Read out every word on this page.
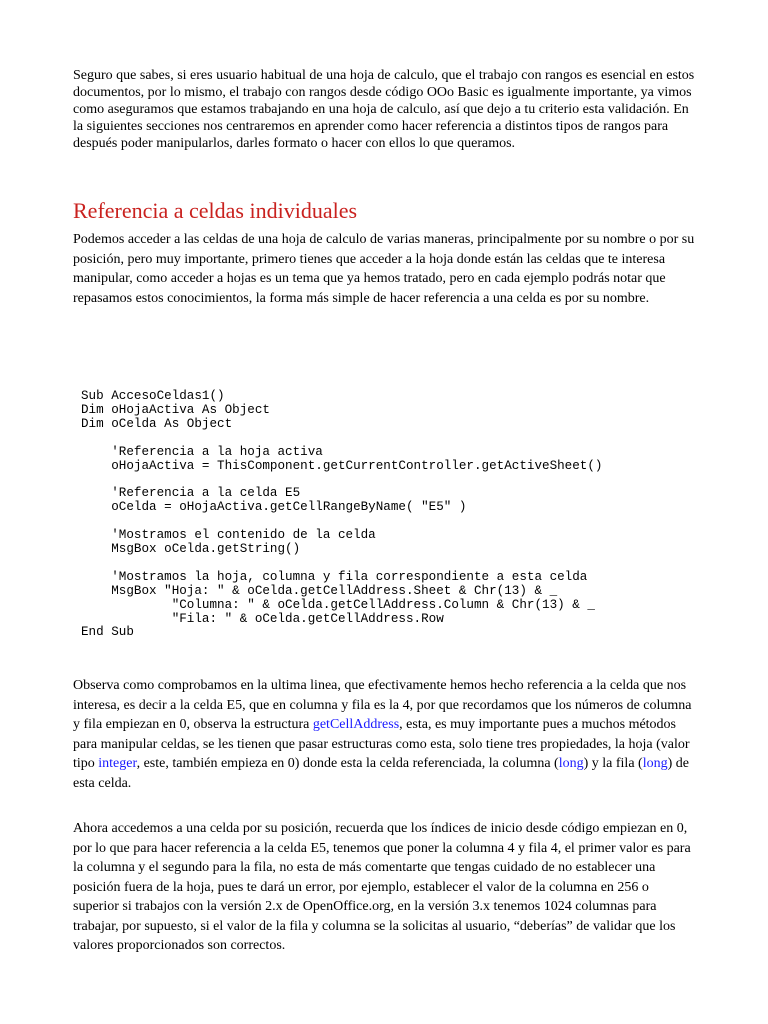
Seguro que sabes, si eres usuario habitual de una hoja de calculo, que el trabajo con rangos es esencial en estos documentos, por lo mismo, el trabajo con rangos desde código OOo Basic es igualmente importante, ya vimos como aseguramos que estamos trabajando en una hoja de calculo, así que dejo a tu criterio esta validación. En la siguientes secciones nos centraremos en aprender como hacer referencia a distintos tipos de rangos para después poder manipularlos, darles formato o hacer con ellos lo que queramos.

Referencia a celdas individuales

Podemos acceder a las celdas de una hoja de calculo de varias maneras, principalmente por su nombre o por su posición, pero muy importante, primero tienes que acceder a la hoja donde están las celdas que te interesa manipular, como acceder a hojas es un tema que ya hemos tratado, pero en cada ejemplo podrás notar que repasamos estos conocimientos, la forma más simple de hacer referencia a una celda es por su nombre.

Sub AccesoCeldas1()
Dim oHojaActiva As Object
Dim oCelda As Object

'Referencia a la hoja activa
oHojaActiva = ThisComponent.getCurrentController.getActiveSheet()

'Referencia a la celda E5
oCelda = oHojaActiva.getCellRangeByName( "E5" )

'Mostramos el contenido de la celda
MsgBox oCelda.getString()

'Mostramos la hoja, columna y fila correspondiente a esta celda
MsgBox "Hoja: " & oCelda.getCellAddress.Sheet & Chr(13) & _
"Columna: " & oCelda.getCellAddress.Column & Chr(13) & _
"Fila: " & oCelda.getCellAddress.Row
End Sub

Observa como comprobamos en la ultima linea, que efectivamente hemos hecho referencia a la celda que nos interesa, es decir a la celda E5, que en columna y fila es la 4, por que recordamos que los números de columna y fila empiezan en 0, observa la estructura getCellAddress, esta, es muy importante pues a muchos métodos para manipular celdas, se les tienen que pasar estructuras como esta, solo tiene tres propiedades, la hoja (valor tipo integer, este, también empieza en 0) donde esta la celda referenciada, la columna (long) y la fila (long) de esta celda.

Ahora accedemos a una celda por su posición, recuerda que los índices de inicio desde código empiezan en 0, por lo que para hacer referencia a la celda E5, tenemos que poner la columna 4 y fila 4, el primer valor es para la columna y el segundo para la fila, no esta de más comentarte que tengas cuidado de no establecer una posición fuera de la hoja, pues te dará un error, por ejemplo, establecer el valor de la columna en 256 o superior si trabajos con la versión 2.x de OpenOffice.org, en la versión 3.x tenemos 1024 columnas para trabajar, por supuesto, si el valor de la fila y columna se la solicitas al usuario, “deberías” de validar que los valores proporcionados son correctos.
